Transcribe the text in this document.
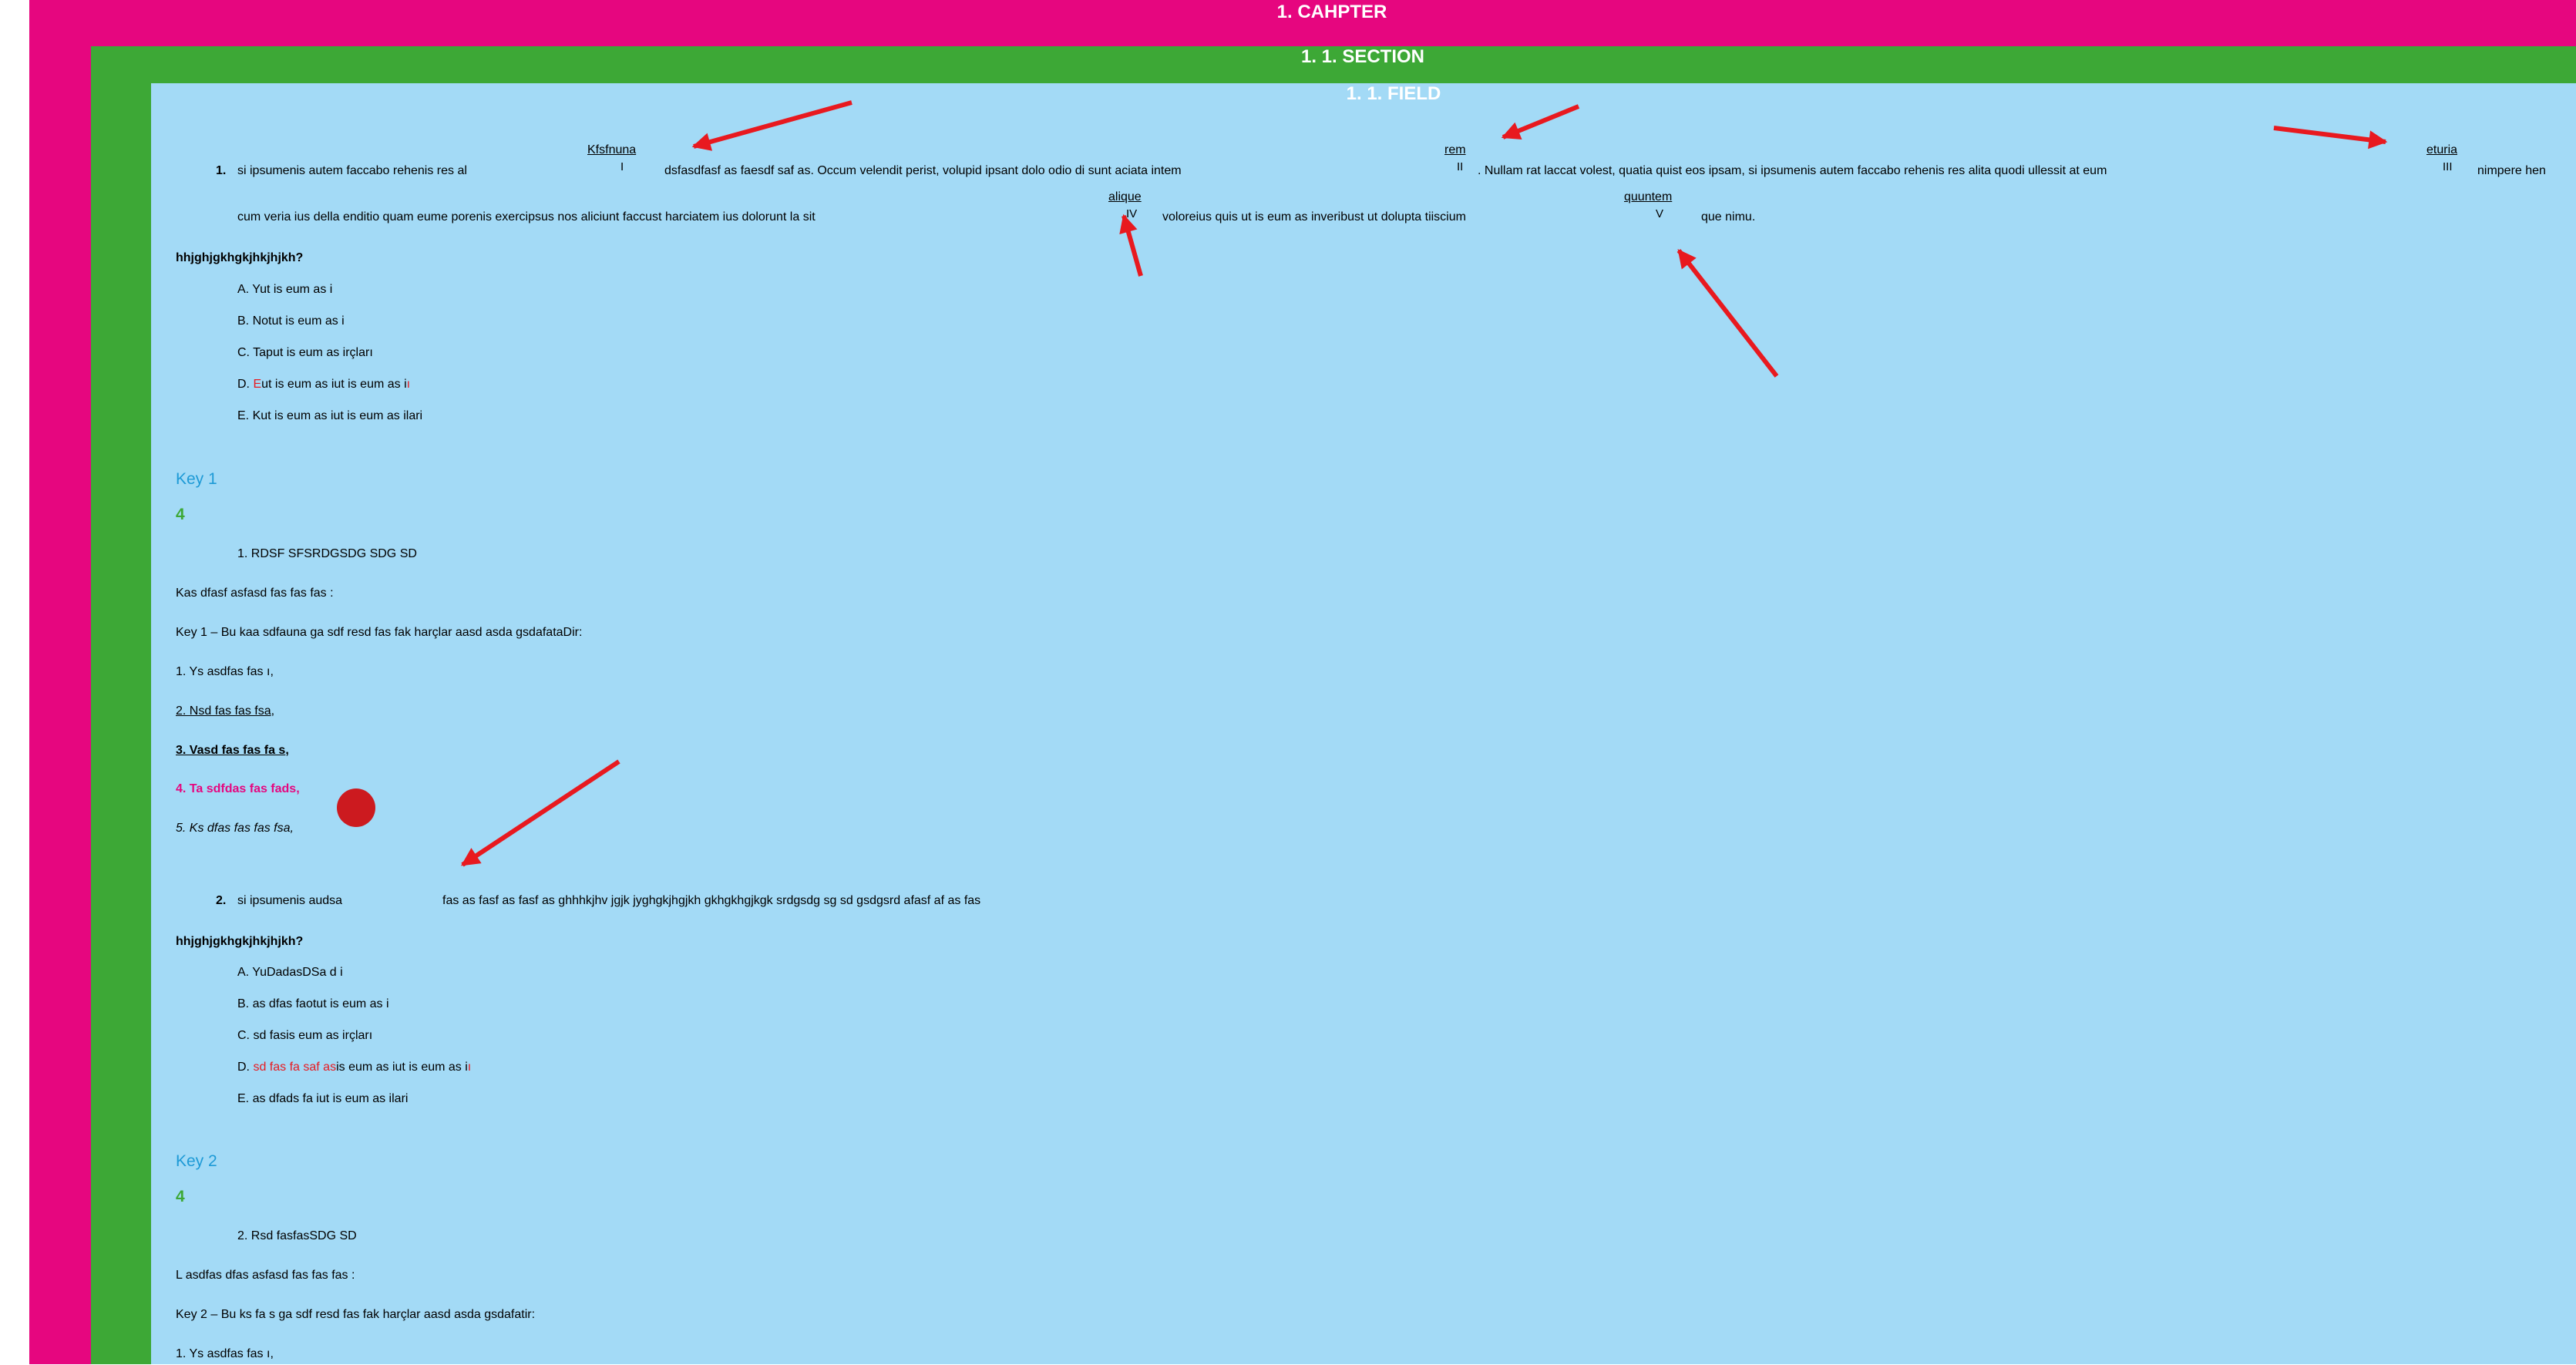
1. CAHPTER
1. 1. SECTION
1. 1. FIELD
1. si ipsumenis autem faccabo rehenis res al
Kfsfnuna
I	dsfasdfasf as faesdf saf as. Occum velendit perist, volupid ipsant dolo odio di sunt aciata intem
rem
II . Nullam rat laccat volest, quatia quist eos ipsam, si ipsumenis autem faccabo rehenis res alita quodi ullessit at eum
eturia
III nimpere hen
cum veria ius della enditio quam eume porenis exercipsus nos aliciunt faccust harciatem ius dolorunt la sit
alique
IV voloreius quis ut is eum as inveribust ut dolupta tiiscium
quuntem
V	que nimu.
hhjghjgkhgkjhkjhjkh?
A. Yut is eum as i
B. Notut is eum as i
C. Taput is eum as irçları
D. Eut is eum as iut is eum as iı
E. Kut is eum as iut is eum as ilari
Key 1
4
1. RDSF SFSRDGSDG SDG SD
Kas dfasf asfasd fas fas fas :
Key 1 – Bu kaa sdfauna ga sdf resd fas fak harçlar aasd asda gsdafataDir:
1. Ys asdfas fas ı,
2. Nsd fas fas fsa,
3. Vasd fas fas fa s,
4. Ta sdfdas fas fads,
5. Ks dfas fas fas fsa,
2. si ipsumenis audsa	fas as fasf as fasf as ghhhkjhv jgjk jyghgkjhgjkh gkhgkhgjkgk srdgsdg sg sd gsdgsrd afasf af as fas
hhjghjgkhgkjhkjhjkh?
A. YuDadasDSa d i
B. as dfas faotut is eum as i
C. sd fasis eum as irçları
D. sd fas fa saf asis eum as iut is eum as iı
E. as dfads fa iut is eum as ilari
Key 2
4
2. Rsd fasfasSDG SD
L asdfas dfas asfasd fas fas fas :
Key 2 – Bu ks fa s ga sdf resd fas fak harçlar aasd asda gsdafatir:
1. Ys asdfas fas ı,
